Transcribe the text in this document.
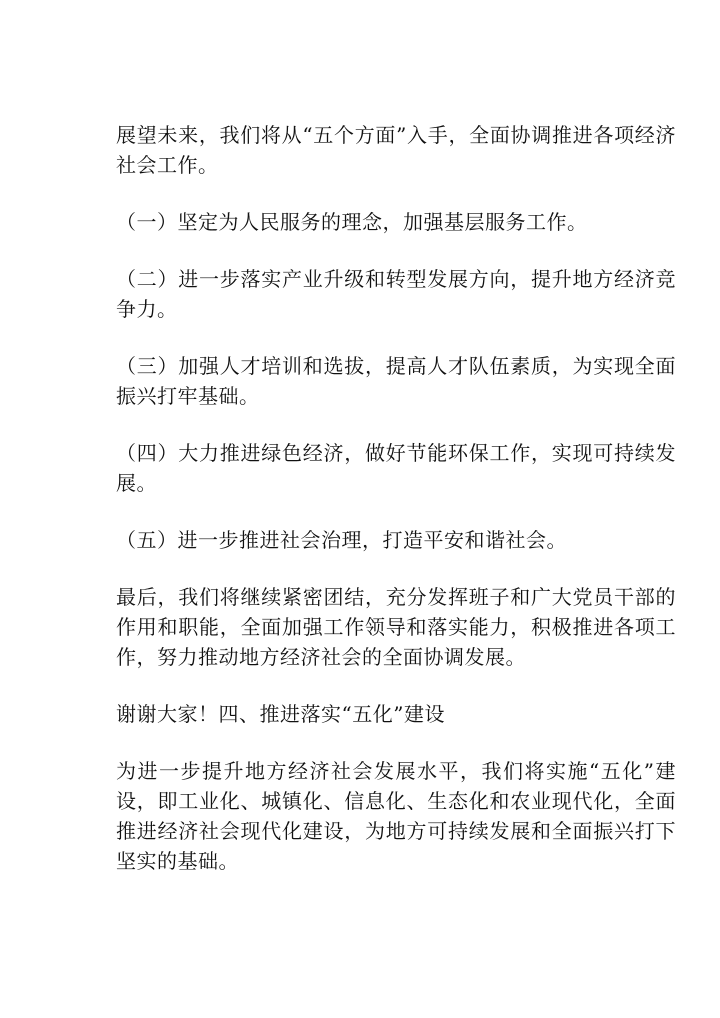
展望未来，我们将从“五个方面”入手，全面协调推进各项经济社会工作。

（一）坚定为人民服务的理念，加强基层服务工作。

（二）进一步落实产业升级和转型发展方向，提升地方经济竞争力。

（三）加强人才培训和选拔，提高人才队伍素质，为实现全面振兴打牢基础。

（四）大力推进绿色经济，做好节能环保工作，实现可持续发展。

（五）进一步推进社会治理，打造平安和谐社会。

最后，我们将继续紧密团结，充分发挥班子和广大党员干部的作用和职能，全面加强工作领导和落实能力，积极推进各项工作，努力推动地方经济社会的全面协调发展。

谢谢大家！四、推进落实“五化”建设

为进一步提升地方经济社会发展水平，我们将实施“五化”建设，即工业化、城镇化、信息化、生态化和农业现代化，全面推进经济社会现代化建设，为地方可持续发展和全面振兴打下坚实的基础。
